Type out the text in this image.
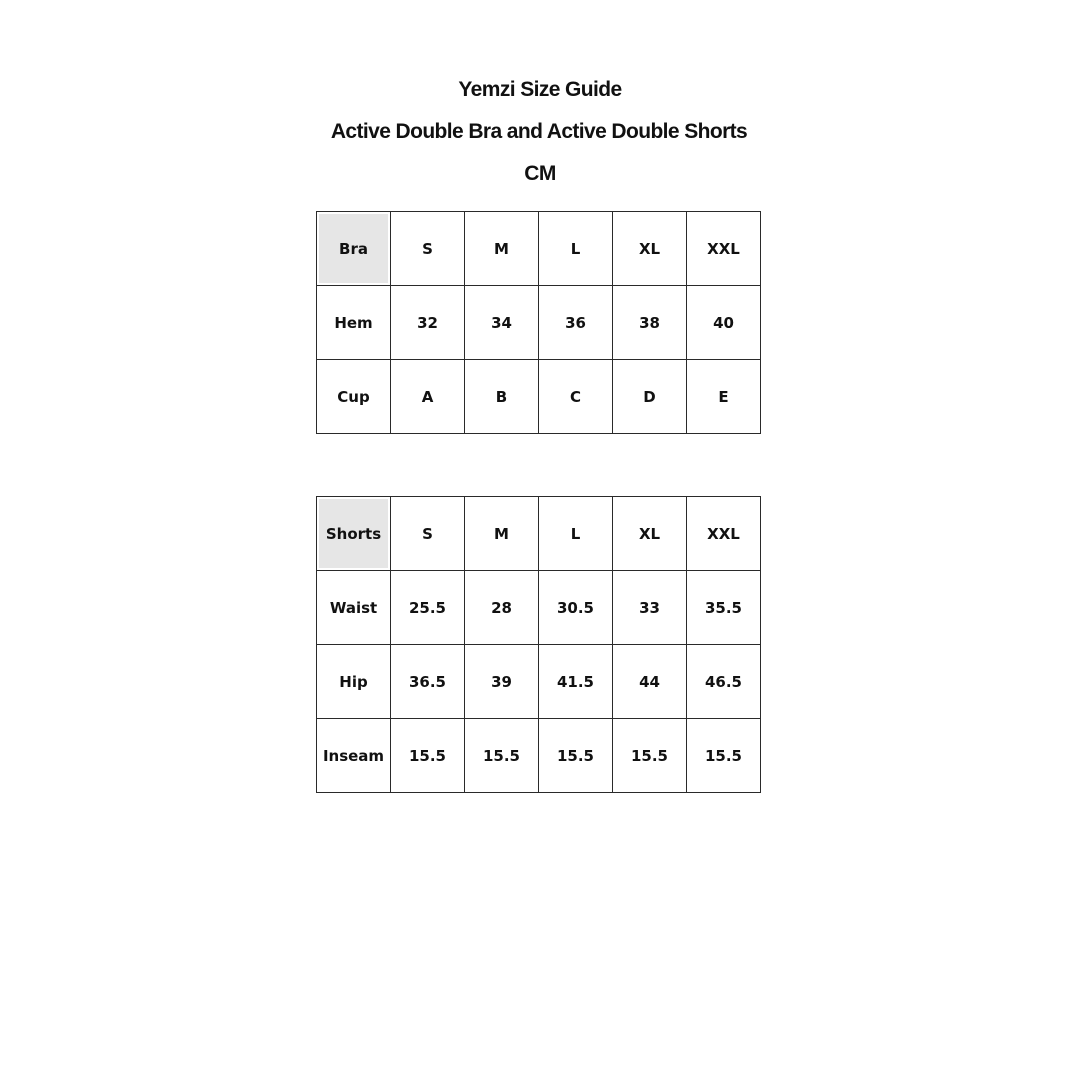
Yemzi Size Guide
Active Double Bra and Active Double Shorts
CM
Bra	S	M	L	XL	XXL
Hem	32	34	36	38	40
Cup	A	B	C	D	E
Shorts	S	M	L	XL	XXL
Waist	25.5	28	30.5	33	35.5
Hip	36.5	39	41.5	44	46.5
Inseam	15.5	15.5	15.5	15.5	15.5
